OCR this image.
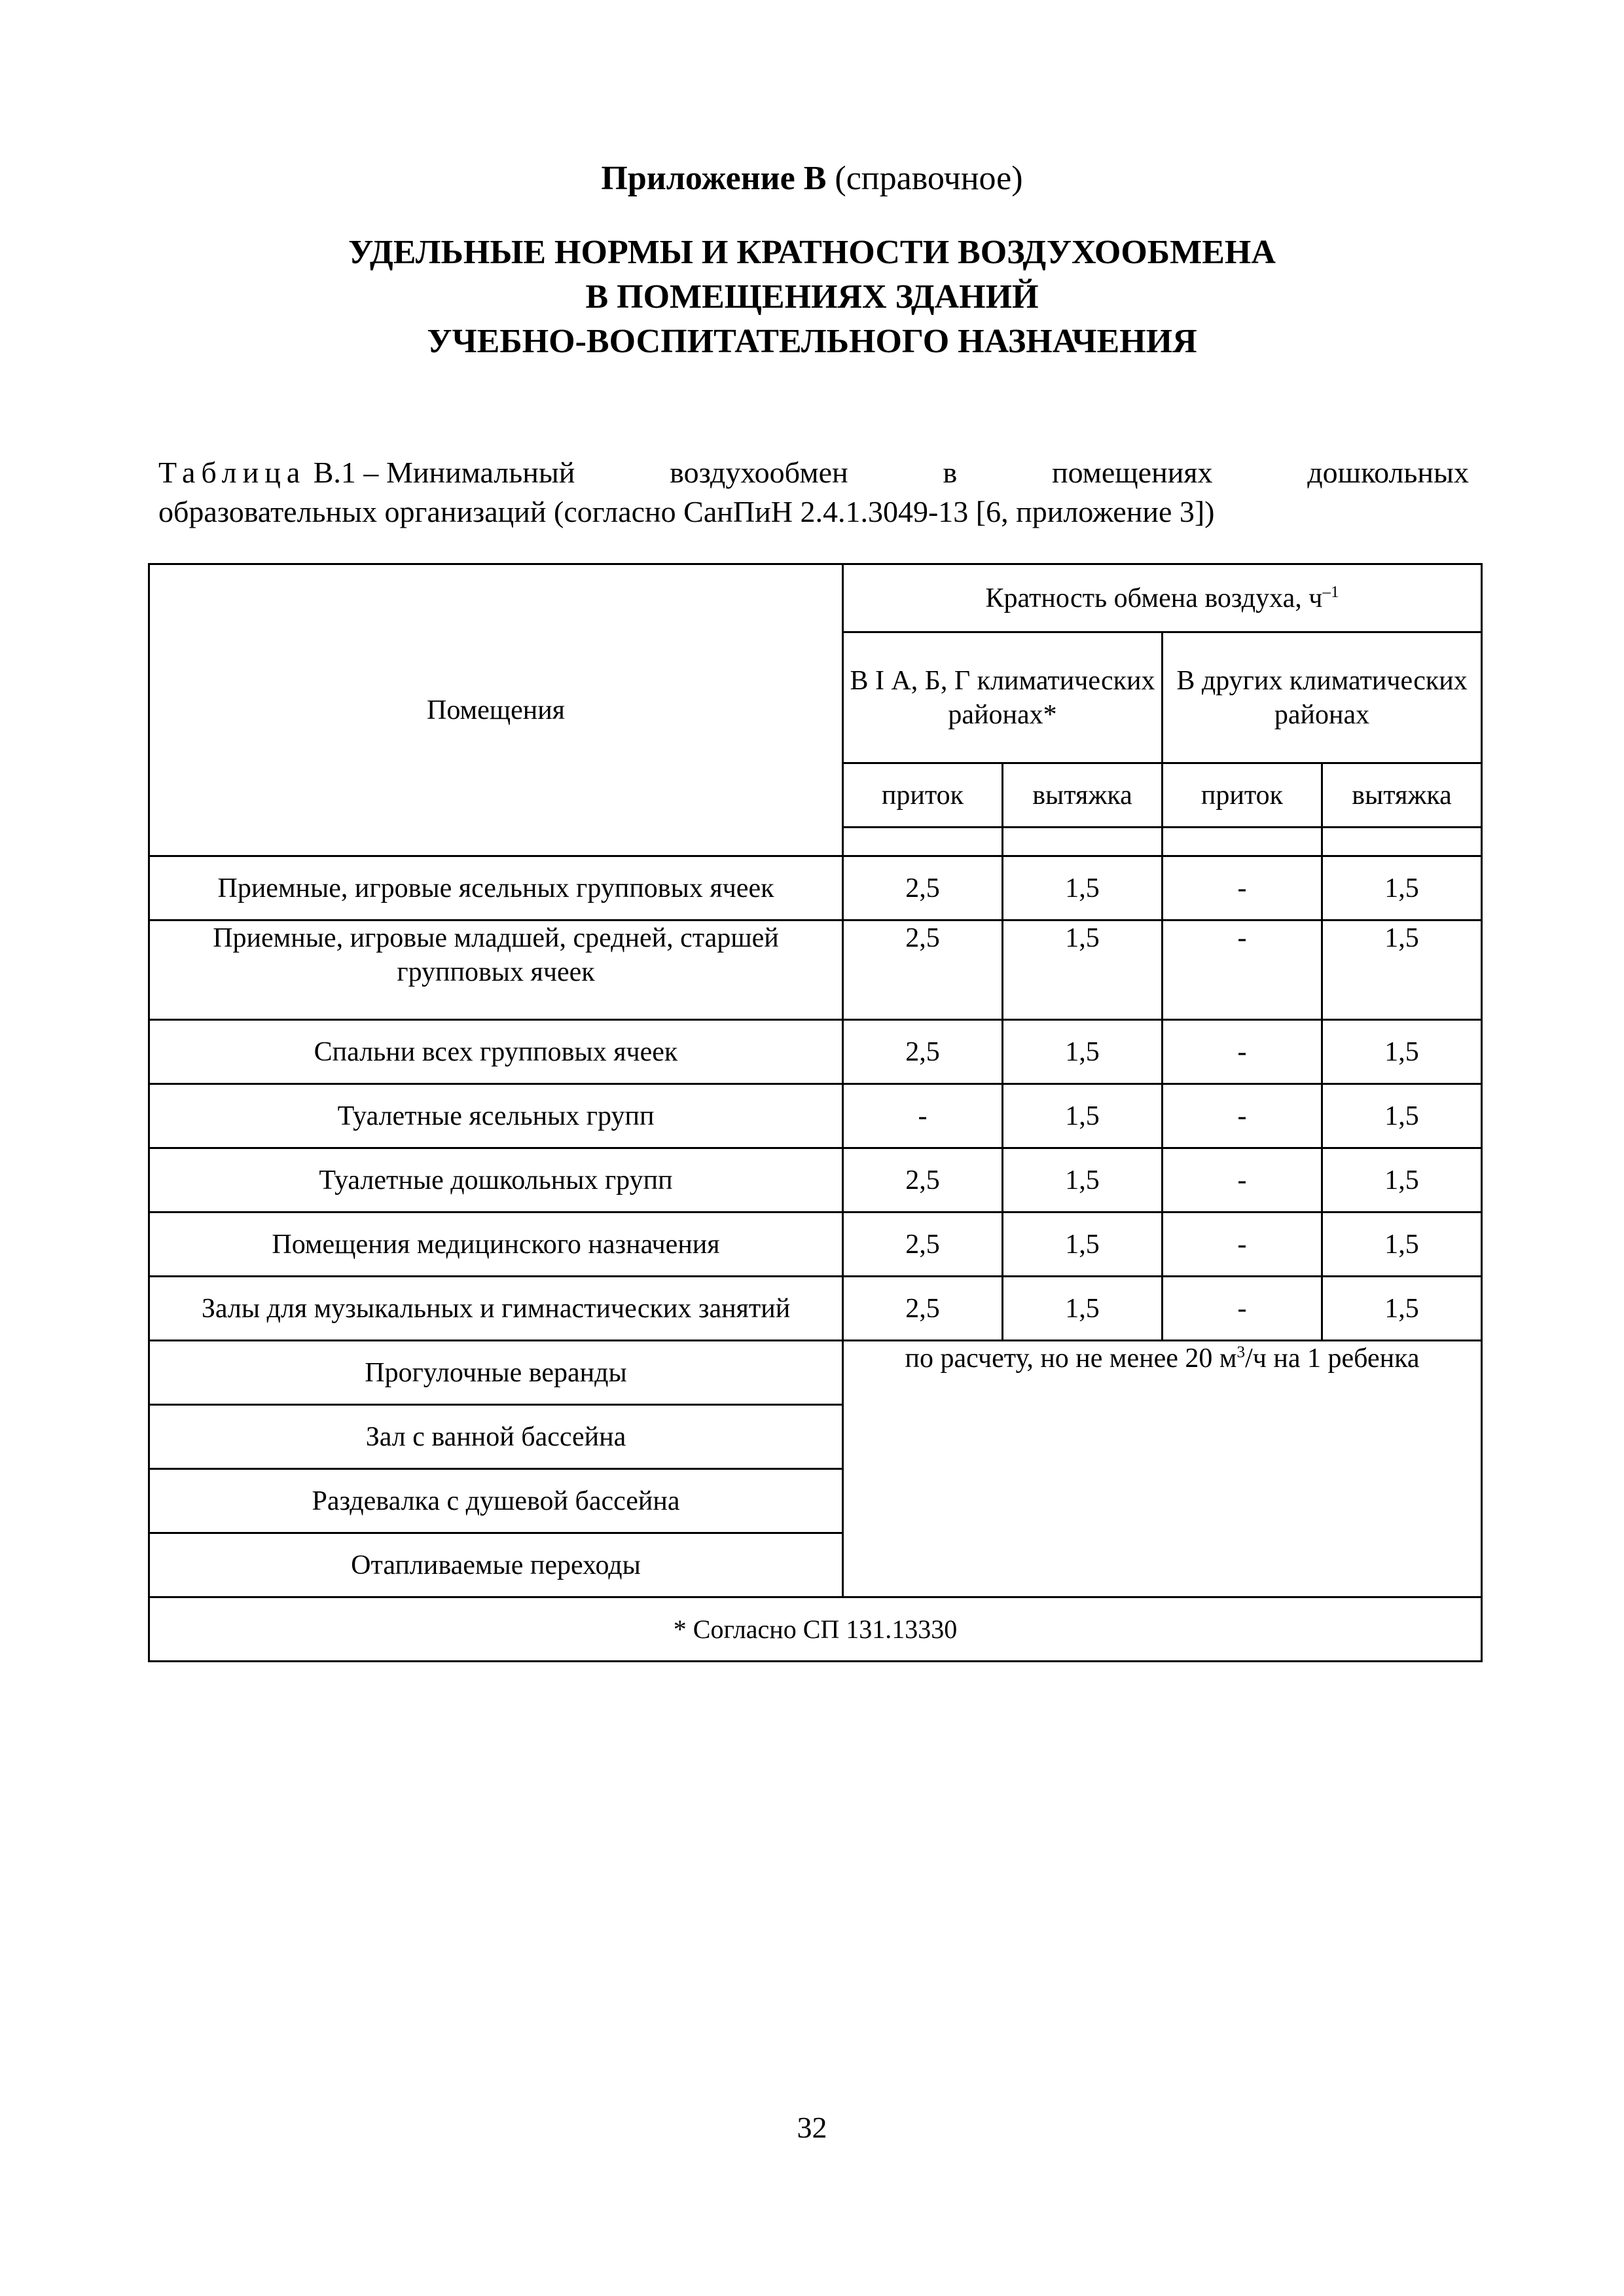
Приложение В (справочное)
УДЕЛЬНЫЕ НОРМЫ И КРАТНОСТИ ВОЗДУХООБМЕНА
В ПОМЕЩЕНИЯХ ЗДАНИЙ
УЧЕБНО-ВОСПИТАТЕЛЬНОГО НАЗНАЧЕНИЯ
Таблица В.1 – Минимальный	воздухообмен	в	помещениях	дошкольных
образовательных организаций (согласно СанПиН 2.4.1.3049-13 [6, приложение 3])
Помещения	Кратность обмена воздуха, $ч^{-1}$
	В I А, Б, Г климатических районах*		В других климатических районах	
	приток	вытяжка	приток	вытяжка

Приемные, игровые ясельных групповых ячеек	2,5	1,5	-	1,5
Приемные, игровые младшей, средней, старшей групповых ячеек	2,5	1,5	-	1,5
Спальни всех групповых ячеек	2,5	1,5	-	1,5
Туалетные ясельных групп	-	1,5	-	1,5
Туалетные дошкольных групп	2,5	1,5	-	1,5
Помещения медицинского назначения	2,5	1,5	-	1,5
Залы для музыкальных и гимнастических занятий	2,5	1,5	-	1,5
Прогулочные веранды	по расчету, но не менее 20 $м^3/ч$ на 1 ребенка			
Зал с ванной бассейна				
Раздевалка с душевой бассейна				
Отапливаемые переходы				
* Согласно СП 131.13330				
32
